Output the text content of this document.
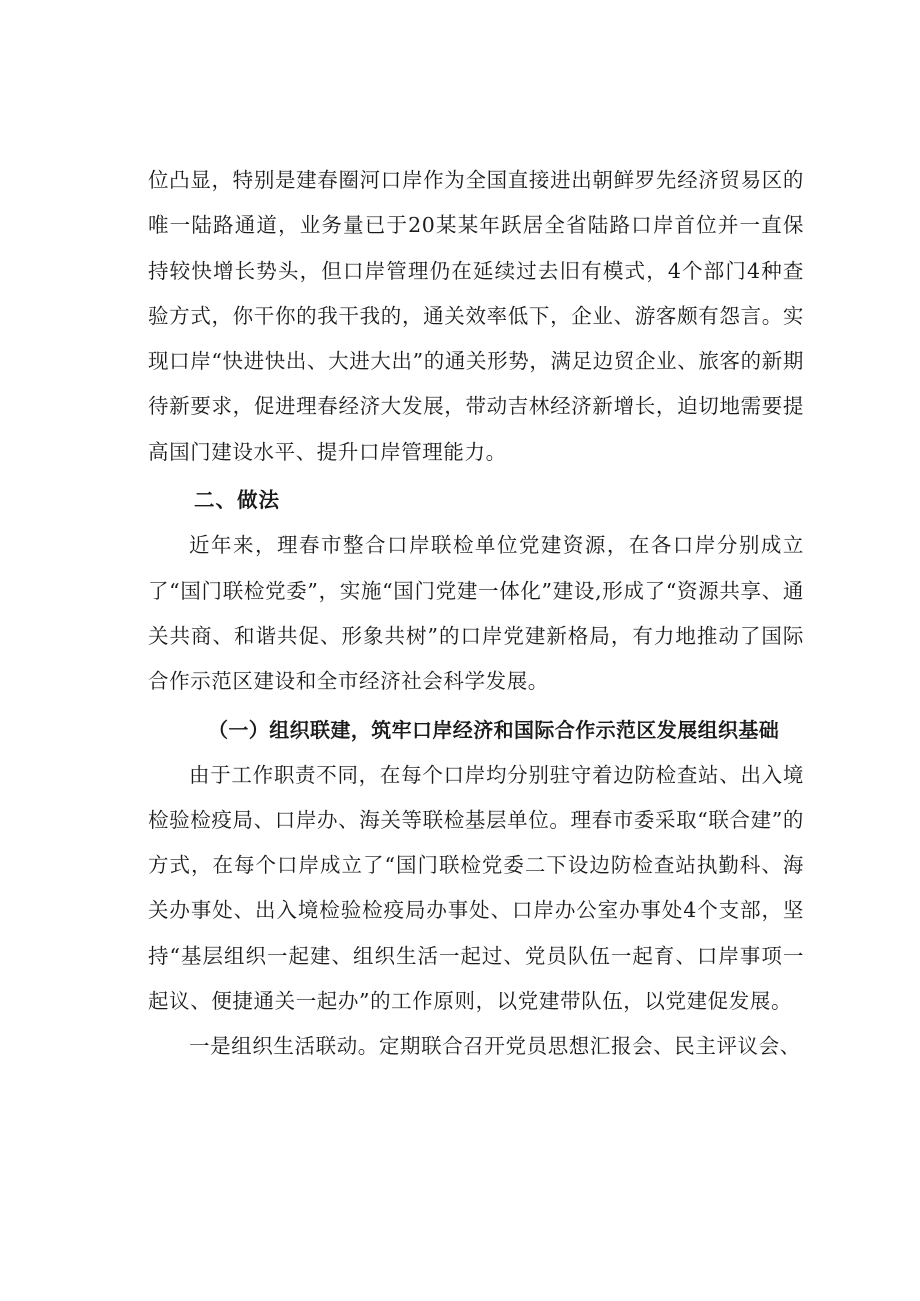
位凸显，特别是建春圈河口岸作为全国直接进出朝鲜罗先经济贸易区的唯一陆路通道，业务量已于20某某年跃居全省陆路口岸首位并一直保持较快增长势头，但口岸管理仍在延续过去旧有模式，4个部门4种查验方式，你干你的我干我的，通关效率低下，企业、游客颇有怨言。实现口岸“快进快出、大进大出”的通关形势，满足边贸企业、旅客的新期待新要求，促进理春经济大发展，带动吉林经济新增长，迫切地需要提高国门建设水平、提升口岸管理能力。

二、做法

近年来，理春市整合口岸联检单位党建资源，在各口岸分别成立了“国门联检党委”，实施“国门党建一体化”建设,形成了“资源共享、通关共商、和谐共促、形象共树”的口岸党建新格局，有力地推动了国际合作示范区建设和全市经济社会科学发展。

（一）组织联建，筑牢口岸经济和国际合作示范区发展组织基础

由于工作职责不同，在每个口岸均分别驻守着边防检查站、出入境检验检疫局、口岸办、海关等联检基层单位。理春市委采取“联合建”的方式，在每个口岸成立了“国门联检党委二下设边防检查站执勤科、海关办事处、出入境检验检疫局办事处、口岸办公室办事处4个支部，坚持“基层组织一起建、组织生活一起过、党员队伍一起育、口岸事项一起议、便捷通关一起办”的工作原则，以党建带队伍，以党建促发展。

一是组织生活联动。定期联合召开党员思想汇报会、民主评议会、
